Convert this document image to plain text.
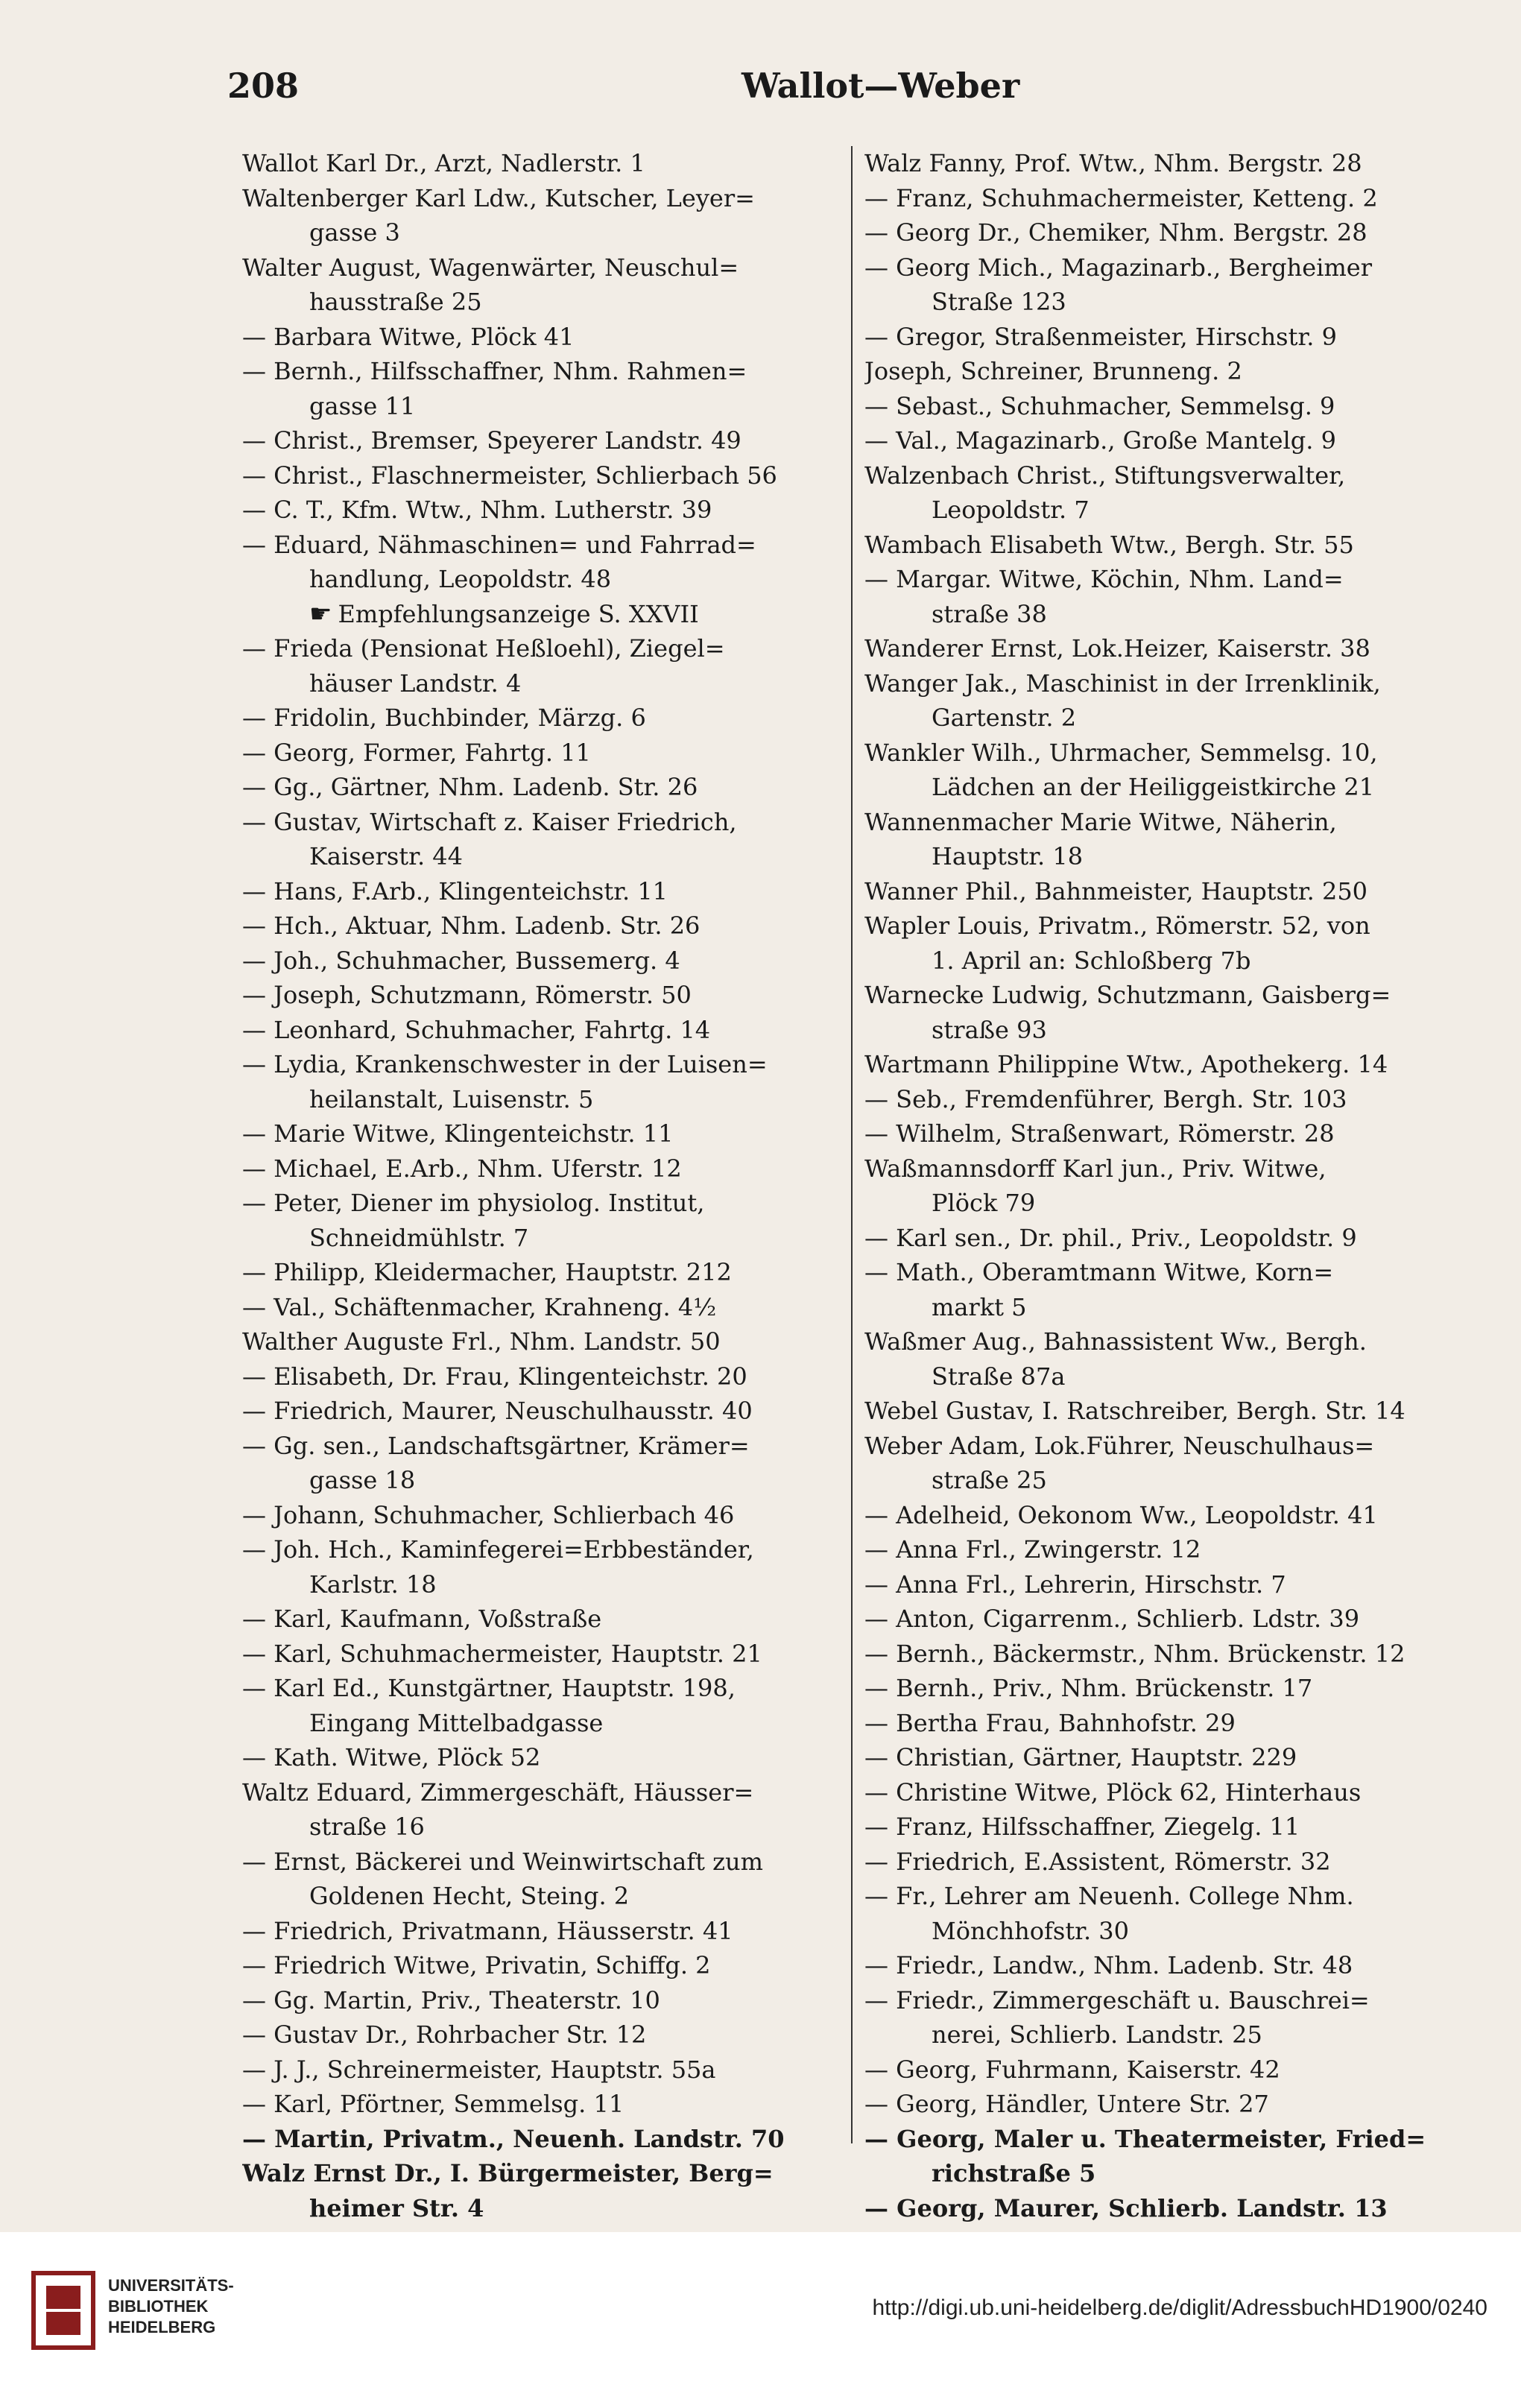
208	Wallot—Weber
Wallot Karl Dr., Arzt, Nadlerstr. 1
Waltenberger Karl Ldw., Kutscher, Leyer=
gasse 3
Walter August, Wagenwärter, Neuschul=
hausstraße 25
— Barbara Witwe, Plöck 41
— Bernh., Hilfsschaffner, Nhm. Rahmen=
gasse 11
— Christ., Bremser, Speyerer Landstr. 49
— Christ., Flaschnermeister, Schlierbach 56
— C. T., Kfm. Wtw., Nhm. Lutherstr. 39
— Eduard, Nähmaschinen= und Fahrrad=
handlung, Leopoldstr. 48
☛ Empfehlungsanzeige S. XXVII
— Frieda (Pensionat Heßloehl), Ziegel=
häuser Landstr. 4
— Fridolin, Buchbinder, Märzg. 6
— Georg, Former, Fahrtg. 11
— Gg., Gärtner, Nhm. Ladenb. Str. 26
— Gustav, Wirtschaft z. Kaiser Friedrich,
Kaiserstr. 44
— Hans, F.Arb., Klingenteichstr. 11
— Hch., Aktuar, Nhm. Ladenb. Str. 26
— Joh., Schuhmacher, Bussemerg. 4
— Joseph, Schutzmann, Römerstr. 50
— Leonhard, Schuhmacher, Fahrtg. 14
— Lydia, Krankenschwester in der Luisen=
heilanstalt, Luisenstr. 5
— Marie Witwe, Klingenteichstr. 11
— Michael, E.Arb., Nhm. Uferstr. 12
— Peter, Diener im physiolog. Institut,
Schneidmühlstr. 7
— Philipp, Kleidermacher, Hauptstr. 212
— Val., Schäftenmacher, Krahneng. 4½
Walther Auguste Frl., Nhm. Landstr. 50
— Elisabeth, Dr. Frau, Klingenteichstr. 20
— Friedrich, Maurer, Neuschulhausstr. 40
— Gg. sen., Landschaftsgärtner, Krämer=
gasse 18
— Johann, Schuhmacher, Schlierbach 46
— Joh. Hch., Kaminfegerei=Erbbeständer,
Karlstr. 18
— Karl, Kaufmann, Voßstraße
— Karl, Schuhmachermeister, Hauptstr. 21
— Karl Ed., Kunstgärtner, Hauptstr. 198,
Eingang Mittelbadgasse
— Kath. Witwe, Plöck 52
Waltz Eduard, Zimmergeschäft, Häusser=
straße 16
— Ernst, Bäckerei und Weinwirtschaft zum
Goldenen Hecht, Steing. 2
— Friedrich, Privatmann, Häusserstr. 41
— Friedrich Witwe, Privatin, Schiffg. 2
— Gg. Martin, Priv., Theaterstr. 10
— Gustav Dr., Rohrbacher Str. 12
— J. J., Schreinermeister, Hauptstr. 55a
— Karl, Pförtner, Semmelsg. 11
— Martin, Privatm., Neuenh. Landstr. 70
Walz Ernst Dr., I. Bürgermeister, Berg=
heimer Str. 4
Walz Fanny, Prof. Wtw., Nhm. Bergstr. 28
— Franz, Schuhmachermeister, Ketteng. 2
— Georg Dr., Chemiker, Nhm. Bergstr. 28
— Georg Mich., Magazinarb., Bergheimer
Straße 123
— Gregor, Straßenmeister, Hirschstr. 9
Joseph, Schreiner, Brunneng. 2
— Sebast., Schuhmacher, Semmelsg. 9
— Val., Magazinarb., Große Mantelg. 9
Walzenbach Christ., Stiftungsverwalter,
Leopoldstr. 7
Wambach Elisabeth Wtw., Bergh. Str. 55
— Margar. Witwe, Köchin, Nhm. Land=
straße 38
Wanderer Ernst, Lok.Heizer, Kaiserstr. 38
Wanger Jak., Maschinist in der Irrenklinik,
Gartenstr. 2
Wankler Wilh., Uhrmacher, Semmelsg. 10,
Lädchen an der Heiliggeistkirche 21
Wannenmacher Marie Witwe, Näherin,
Hauptstr. 18
Wanner Phil., Bahnmeister, Hauptstr. 250
Wapler Louis, Privatm., Römerstr. 52, von
1. April an: Schloßberg 7b
Warnecke Ludwig, Schutzmann, Gaisberg=
straße 93
Wartmann Philippine Wtw., Apothekerg. 14
— Seb., Fremdenführer, Bergh. Str. 103
— Wilhelm, Straßenwart, Römerstr. 28
Waßmannsdorff Karl jun., Priv. Witwe,
Plöck 79
— Karl sen., Dr. phil., Priv., Leopoldstr. 9
— Math., Oberamtmann Witwe, Korn=
markt 5
Waßmer Aug., Bahnassistent Ww., Bergh.
Straße 87a
Webel Gustav, I. Ratschreiber, Bergh. Str. 14
Weber Adam, Lok.Führer, Neuschulhaus=
straße 25
— Adelheid, Oekonom Ww., Leopoldstr. 41
— Anna Frl., Zwingerstr. 12
— Anna Frl., Lehrerin, Hirschstr. 7
— Anton, Cigarrenm., Schlierb. Ldstr. 39
— Bernh., Bäckermstr., Nhm. Brückenstr. 12
— Bernh., Priv., Nhm. Brückenstr. 17
— Bertha Frau, Bahnhofstr. 29
— Christian, Gärtner, Hauptstr. 229
— Christine Witwe, Plöck 62, Hinterhaus
— Franz, Hilfsschaffner, Ziegelg. 11
— Friedrich, E.Assistent, Römerstr. 32
— Fr., Lehrer am Neuenh. College Nhm.
Mönchhofstr. 30
— Friedr., Landw., Nhm. Ladenb. Str. 48
— Friedr., Zimmergeschäft u. Bauschrei=
nerei, Schlierb. Landstr. 25
— Georg, Fuhrmann, Kaiserstr. 42
— Georg, Händler, Untere Str. 27
— Georg, Maler u. Theatermeister, Fried=
richstraße 5
— Georg, Maurer, Schlierb. Landstr. 13
UNIVERSITÄTS-
BIBLIOTHEK
HEIDELBERG
http://digi.ub.uni-heidelberg.de/diglit/AdressbuchHD1900/0240
